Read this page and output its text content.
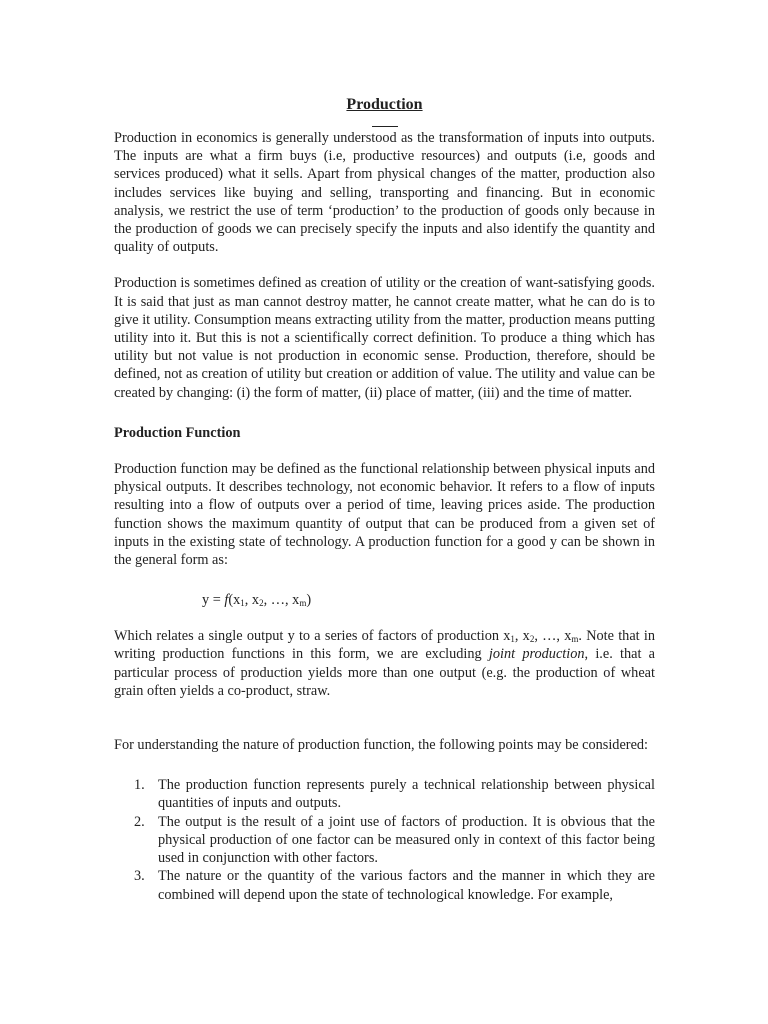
Production

Production in economics is generally understood as the transformation of inputs into outputs. The inputs are what a firm buys (i.e, productive resources) and outputs (i.e, goods and services produced) what it sells. Apart from physical changes of the matter, production also includes services like buying and selling, transporting and financing. But in economic analysis, we restrict the use of term ‘production’ to the production of goods only because in the production of goods we can precisely specify the inputs and also identify the quantity and quality of outputs.

Production is sometimes defined as creation of utility or the creation of want-satisfying goods. It is said that just as man cannot destroy matter, he cannot create matter, what he can do is to give it utility. Consumption means extracting utility from the matter, production means putting utility into it. But this is not a scientifically correct definition. To produce a thing which has utility but not value is not production in economic sense. Production, therefore, should be defined, not as creation of utility but creation or addition of value. The utility and value can be created by changing: (i) the form of matter, (ii) place of matter, (iii) and the time of matter.

Production Function

Production function may be defined as the functional relationship between physical inputs and physical outputs. It describes technology, not economic behavior. It refers to a flow of inputs resulting into a flow of outputs over a period of time, leaving prices aside. The production function shows the maximum quantity of output that can be produced from a given set of inputs in the existing state of technology. A production function for a good y can be shown in the general form as:

$y = f(x_1$, $x_2$, …, $x_m$)

Which relates a single output y to a series of factors of production $x_1$, $x_2$, …, $x_m$. Note that in writing production functions in this form, we are excluding joint production, i.e. that a particular process of production yields more than one output (e.g. the production of wheat grain often yields a co-product, straw.

For understanding the nature of production function, the following points may be considered:

1. The production function represents purely a technical relationship between physical quantities of inputs and outputs.
2. The output is the result of a joint use of factors of production. It is obvious that the physical production of one factor can be measured only in context of this factor being used in conjunction with other factors.
3. The nature or the quantity of the various factors and the manner in which they are combined will depend upon the state of technological knowledge. For example,
